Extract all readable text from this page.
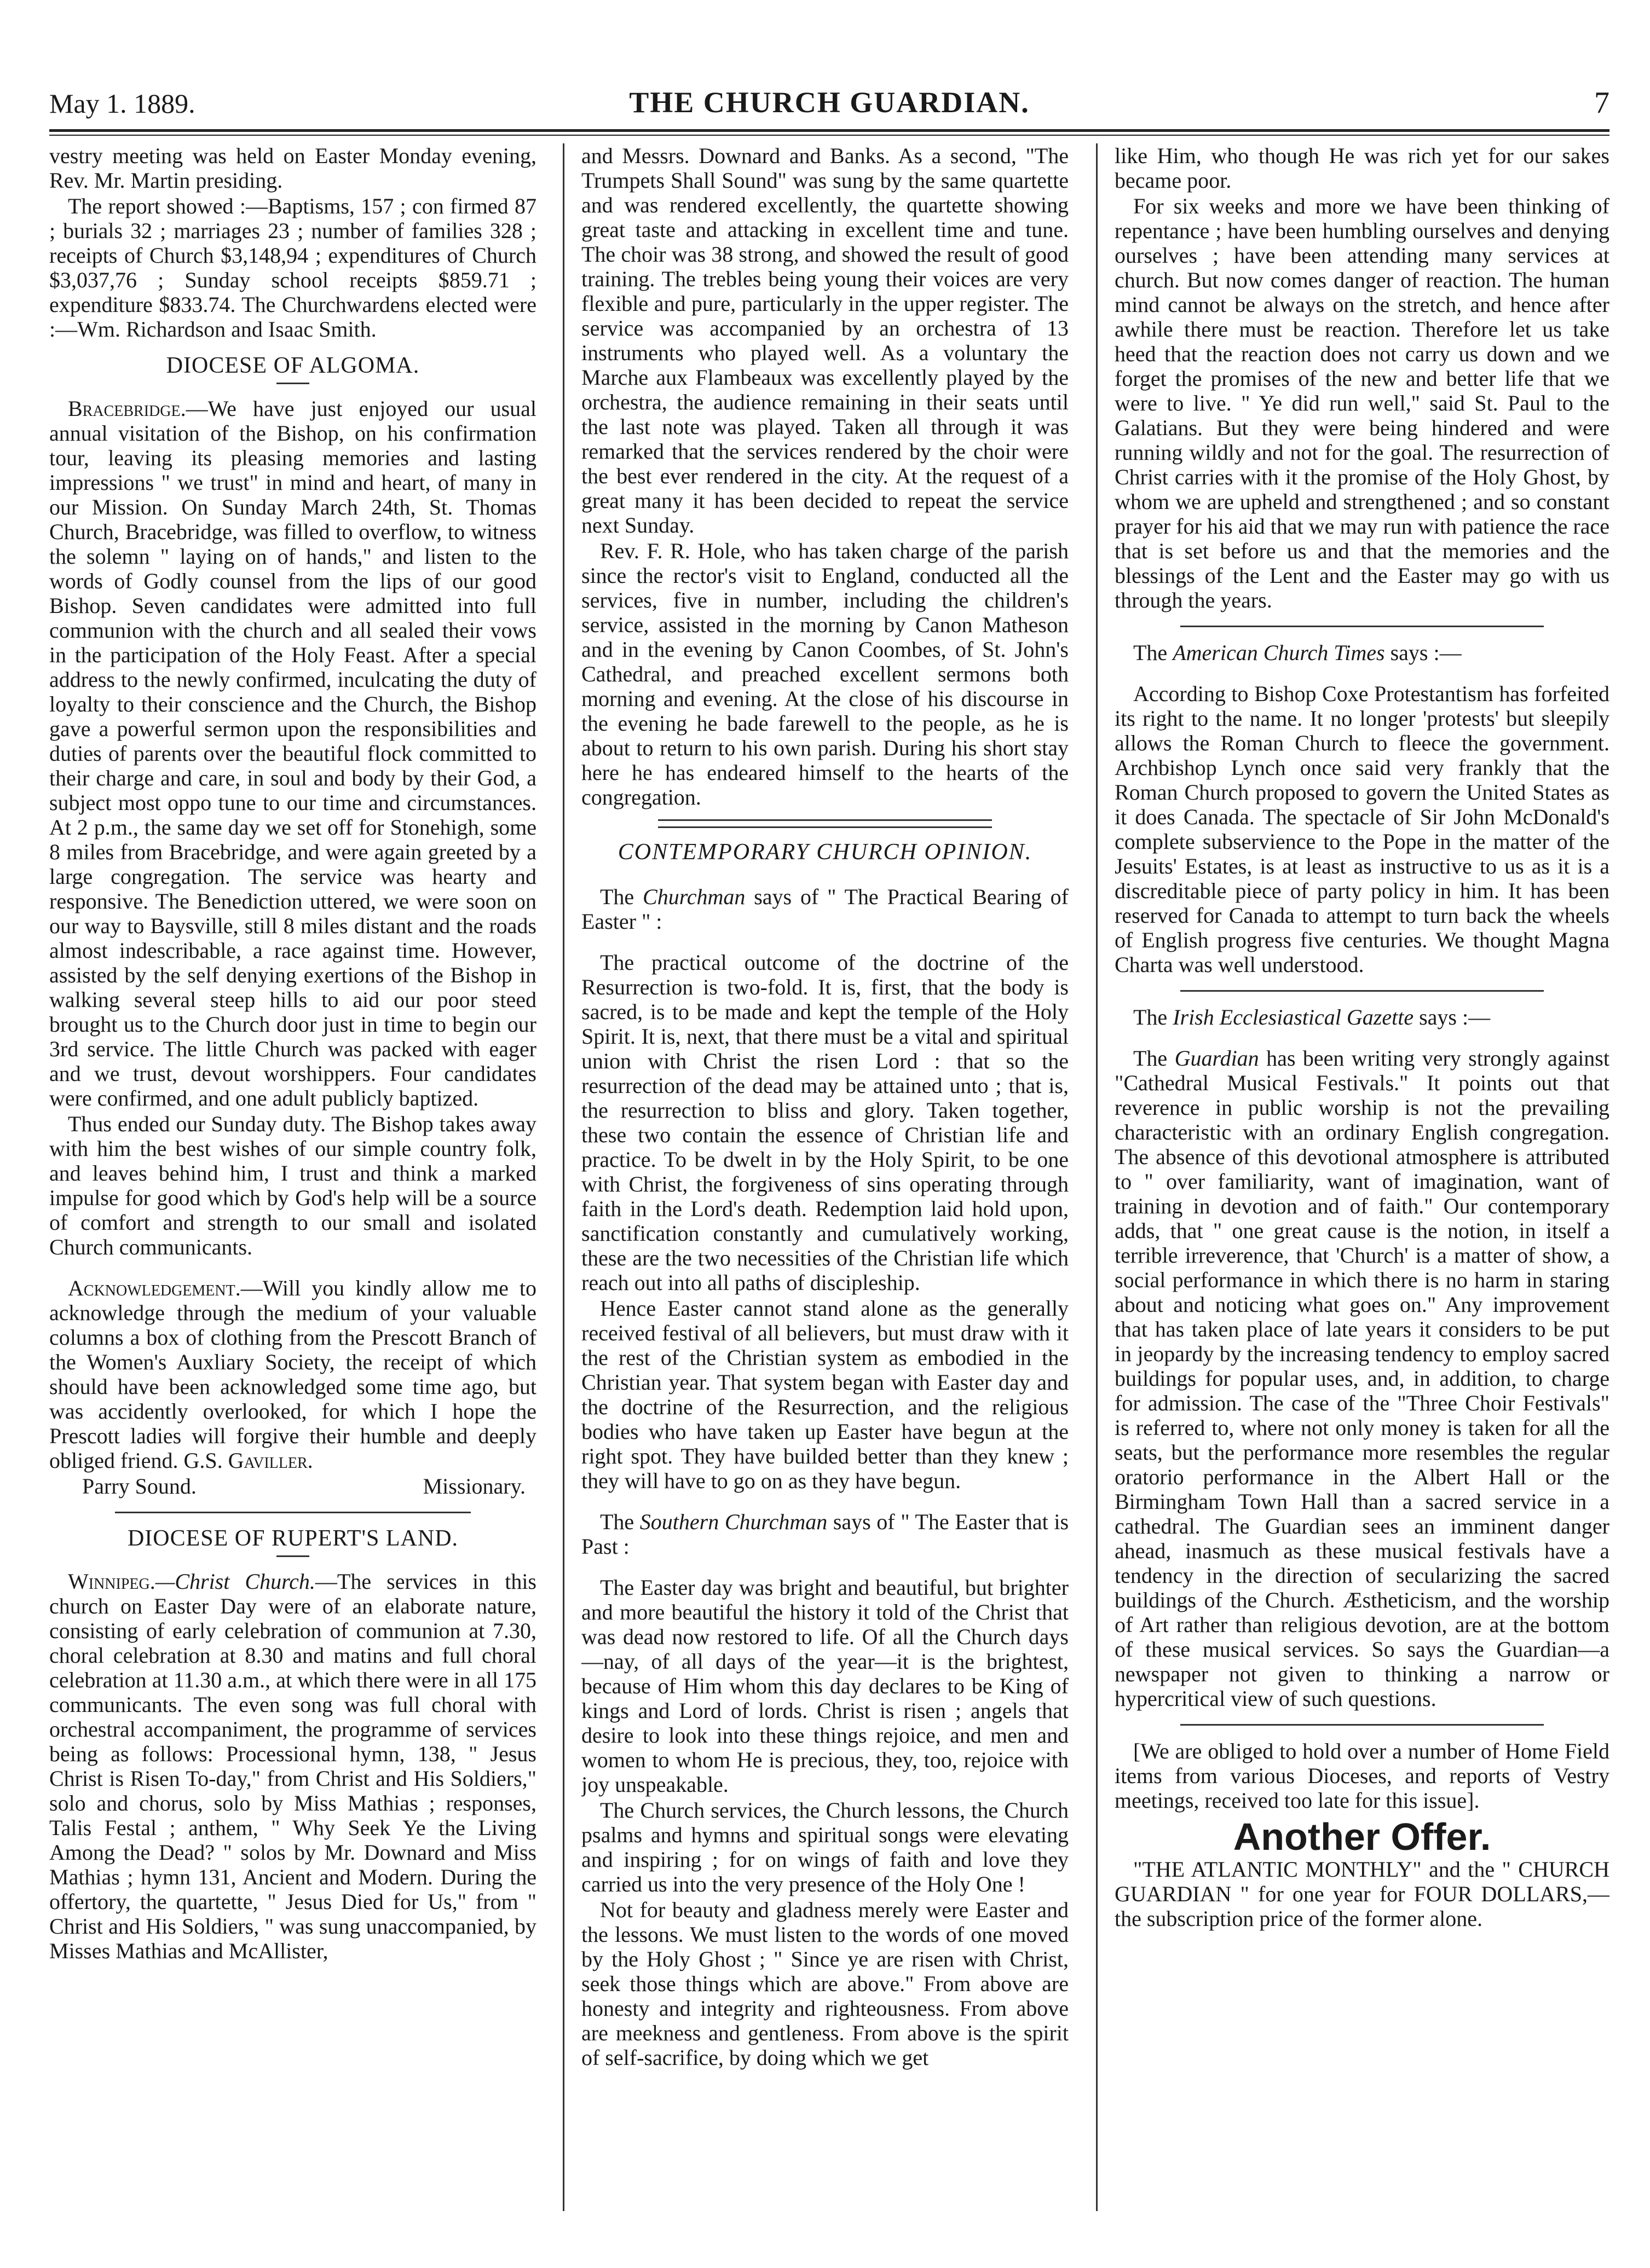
May 1. 1889.	THE CHURCH GUARDIAN.	7

vestry meeting was held on Easter Monday evening, Rev. Mr. Martin presiding.

The report showed :—Baptisms, 157 ; con firmed 87 ; burials 32 ; marriages 23 ; number of families 328 ; receipts of Church $3,148,94 ; expenditures of Church $3,037,76 ; Sunday school receipts $859.71 ; expenditure $833.74. The Churchwardens elected were :—Wm. Richardson and Isaac Smith.

DIOCESE OF ALGOMA.

Bracebridge.—We have just enjoyed our usual annual visitation of the Bishop, on his confirmation tour, leaving its pleasing memories and lasting impressions " we trust" in mind and heart, of many in our Mission. On Sunday March 24th, St. Thomas Church, Bracebridge, was filled to overflow, to witness the solemn " laying on of hands," and listen to the words of Godly counsel from the lips of our good Bishop. Seven candidates were admitted into full communion with the church and all sealed their vows in the participation of the Holy Feast. After a special address to the newly confirmed, inculcating the duty of loyalty to their conscience and the Church, the Bishop gave a powerful sermon upon the responsibilities and duties of parents over the beautiful flock committed to their charge and care, in soul and body by their God, a subject most oppo tune to our time and circumstances. At 2 p.m., the same day we set off for Stonehigh, some 8 miles from Bracebridge, and were again greeted by a large congregation. The service was hearty and responsive. The Benediction uttered, we were soon on our way to Baysville, still 8 miles distant and the roads almost indescribable, a race against time. However, assisted by the self denying exertions of the Bishop in walking several steep hills to aid our poor steed brought us to the Church door just in time to begin our 3rd service. The little Church was packed with eager and we trust, devout worshippers. Four candidates were confirmed, and one adult publicly baptized.

Thus ended our Sunday duty. The Bishop takes away with him the best wishes of our simple country folk, and leaves behind him, I trust and think a marked impulse for good which by God's help will be a source of comfort and strength to our small and isolated Church communicants.

Acknowledgement.—Will you kindly allow me to acknowledge through the medium of your valuable columns a box of clothing from the Prescott Branch of the Women's Auxliary Society, the receipt of which should have been acknowledged some time ago, but was accidently overlooked, for which I hope the Prescott ladies will forgive their humble and deeply obliged friend. G.S. Gaviller.

Parry Sound.	Missionary.
DIOCESE OF RUPERT'S LAND.

Winnipeg.—Christ Church.—The services in this church on Easter Day were of an elaborate nature, consisting of early celebration of communion at 7.30, choral celebration at 8.30 and matins and full choral celebration at 11.30 a.m., at which there were in all 175 communicants. The even song was full choral with orchestral accompaniment, the programme of services being as follows: Processional hymn, 138, " Jesus Christ is Risen To-day," from Christ and His Soldiers," solo and chorus, solo by Miss Mathias ; responses, Talis Festal ; anthem, " Why Seek Ye the Living Among the Dead? " solos by Mr. Downard and Miss Mathias ; hymn 131, Ancient and Modern. During the offertory, the quartette, " Jesus Died for Us," from " Christ and His Soldiers, " was sung unaccompanied, by Misses Mathias and McAllister,

and Messrs. Downard and Banks. As a second, "The Trumpets Shall Sound" was sung by the same quartette and was rendered excellently, the quartette showing great taste and attacking in excellent time and tune. The choir was 38 strong, and showed the result of good training. The trebles being young their voices are very flexible and pure, particularly in the upper register. The service was accompanied by an orchestra of 13 instruments who played well. As a voluntary the Marche aux Flambeaux was excellently played by the orchestra, the audience remaining in their seats until the last note was played. Taken all through it was remarked that the services rendered by the choir were the best ever rendered in the city. At the request of a great many it has been decided to repeat the service next Sunday.

Rev. F. R. Hole, who has taken charge of the parish since the rector's visit to England, conducted all the services, five in number, including the children's service, assisted in the morning by Canon Matheson and in the evening by Canon Coombes, of St. John's Cathedral, and preached excellent sermons both morning and evening. At the close of his discourse in the evening he bade farewell to the people, as he is about to return to his own parish. During his short stay here he has endeared himself to the hearts of the congregation.

CONTEMPORARY CHURCH OPINION.

The Churchman says of " The Practical Bearing of Easter " :

The practical outcome of the doctrine of the Resurrection is two-fold. It is, first, that the body is sacred, is to be made and kept the temple of the Holy Spirit. It is, next, that there must be a vital and spiritual union with Christ the risen Lord : that so the resurrection of the dead may be attained unto ; that is, the resurrection to bliss and glory. Taken together, these two contain the essence of Christian life and practice. To be dwelt in by the Holy Spirit, to be one with Christ, the forgiveness of sins operating through faith in the Lord's death. Redemption laid hold upon, sanctification constantly and cumulatively working, these are the two necessities of the Christian life which reach out into all paths of discipleship.

Hence Easter cannot stand alone as the generally received festival of all believers, but must draw with it the rest of the Christian system as embodied in the Christian year. That system began with Easter day and the doctrine of the Resurrection, and the religious bodies who have taken up Easter have begun at the right spot. They have builded better than they knew ; they will have to go on as they have begun.

The Southern Churchman says of " The Easter that is Past :

The Easter day was bright and beautiful, but brighter and more beautiful the history it told of the Christ that was dead now restored to life. Of all the Church days—nay, of all days of the year—it is the brightest, because of Him whom this day declares to be King of kings and Lord of lords. Christ is risen ; angels that desire to look into these things rejoice, and men and women to whom He is precious, they, too, rejoice with joy unspeakable.

The Church services, the Church lessons, the Church psalms and hymns and spiritual songs were elevating and inspiring ; for on wings of faith and love they carried us into the very presence of the Holy One !

Not for beauty and gladness merely were Easter and the lessons. We must listen to the words of one moved by the Holy Ghost ; " Since ye are risen with Christ, seek those things which are above." From above are honesty and integrity and righteousness. From above are meekness and gentleness. From above is the spirit of self-sacrifice, by doing which we get

like Him, who though He was rich yet for our sakes became poor.

For six weeks and more we have been thinking of repentance ; have been humbling ourselves and denying ourselves ; have been attending many services at church. But now comes danger of reaction. The human mind cannot be always on the stretch, and hence after awhile there must be reaction. Therefore let us take heed that the reaction does not carry us down and we forget the promises of the new and better life that we were to live. " Ye did run well," said St. Paul to the Galatians. But they were being hindered and were running wildly and not for the goal. The resurrection of Christ carries with it the promise of the Holy Ghost, by whom we are upheld and strengthened ; and so constant prayer for his aid that we may run with patience the race that is set before us and that the memories and the blessings of the Lent and the Easter may go with us through the years.

The American Church Times says :—

According to Bishop Coxe Protestantism has forfeited its right to the name. It no longer 'protests' but sleepily allows the Roman Church to fleece the government. Archbishop Lynch once said very frankly that the Roman Church proposed to govern the United States as it does Canada. The spectacle of Sir John McDonald's complete subservience to the Pope in the matter of the Jesuits' Estates, is at least as instructive to us as it is a discreditable piece of party policy in him. It has been reserved for Canada to attempt to turn back the wheels of English progress five centuries. We thought Magna Charta was well understood.

The Irish Ecclesiastical Gazette says :—

The Guardian has been writing very strongly against "Cathedral Musical Festivals." It points out that reverence in public worship is not the prevailing characteristic with an ordinary English congregation. The absence of this devotional atmosphere is attributed to " over familiarity, want of imagination, want of training in devotion and of faith." Our contemporary adds, that " one great cause is the notion, in itself a terrible irreverence, that 'Church' is a matter of show, a social performance in which there is no harm in staring about and noticing what goes on." Any improvement that has taken place of late years it considers to be put in jeopardy by the increasing tendency to employ sacred buildings for popular uses, and, in addition, to charge for admission. The case of the "Three Choir Festivals" is referred to, where not only money is taken for all the seats, but the performance more resembles the regular oratorio performance in the Albert Hall or the Birmingham Town Hall than a sacred service in a cathedral. The Guardian sees an imminent danger ahead, inasmuch as these musical festivals have a tendency in the direction of secularizing the sacred buildings of the Church. Æstheticism, and the worship of Art rather than religious devotion, are at the bottom of these musical services. So says the Guardian—a newspaper not given to thinking a narrow or hypercritical view of such questions.

[We are obliged to hold over a number of Home Field items from various Dioceses, and reports of Vestry meetings, received too late for this issue].

Another Offer.

"THE ATLANTIC MONTHLY" and the " CHURCH GUARDIAN " for one year for FOUR DOLLARS,—the subscription price of the former alone.
